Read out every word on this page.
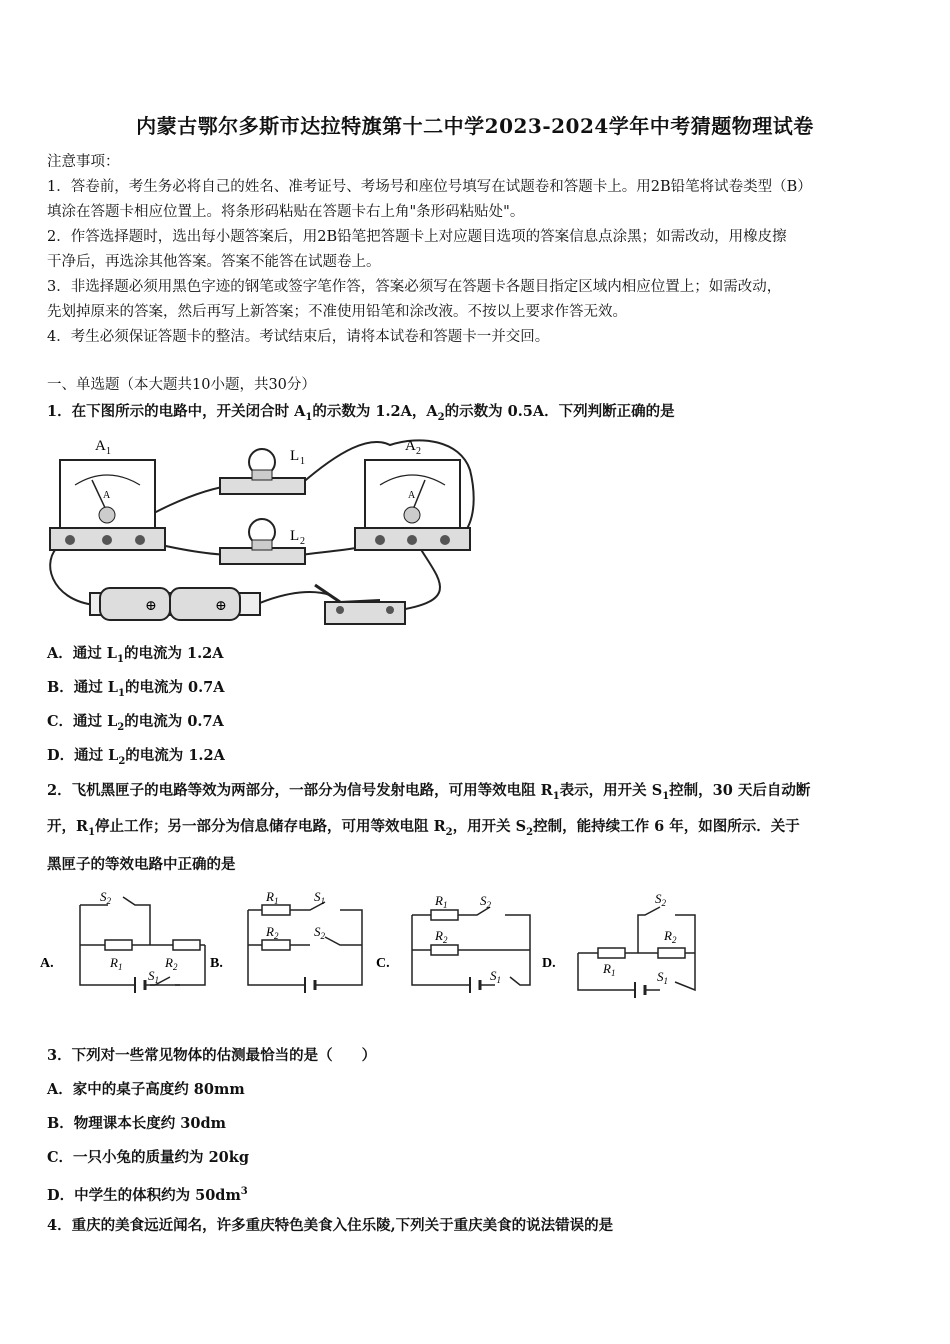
内蒙古鄂尔多斯市达拉特旗第十二中学2023-2024学年中考猜题物理试卷
注意事项：
1．答卷前，考生务必将自己的姓名、准考证号、考场号和座位号填写在试题卷和答题卡上。用2B铅笔将试卷类型（B）
填涂在答题卡相应位置上。将条形码粘贴在答题卡右上角"条形码粘贴处"。
2．作答选择题时，选出每小题答案后，用2B铅笔把答题卡上对应题目选项的答案信息点涂黑；如需改动，用橡皮擦
干净后，再选涂其他答案。答案不能答在试题卷上。
3．非选择题必须用黑色字迹的钢笔或签字笔作答，答案必须写在答题卡各题目指定区域内相应位置上；如需改动，
先划掉原来的答案，然后再写上新答案；不准使用铅笔和涂改液。不按以上要求作答无效。
4．考生必须保证答题卡的整洁。考试结束后，请将本试卷和答题卡一并交回。
一、单选题（本大题共10小题，共30分）
1．在下图所示的电路中，开关闭合时 $A_1$的示数为 1.2A，$A_2$的示数为 0.5A．下列判断正确的是
A 1
A
A 2
A
L 1
L 2
⊕	⊕
A．通过 $L_1$的电流为 1.2A
B．通过 $L_1$的电流为 0.7A
C．通过 $L_2$的电流为 0.7A
D．通过 $L_2$的电流为 1.2A
2．飞机黑匣子的电路等效为两部分，一部分为信号发射电路，可用等效电阻 $R_1$表示，用开关 $S_1$控制，30 天后自动断
开，$R_1$停止工作；另一部分为信息储存电路，可用等效电阻 $R_2$，用开关 $S_2$控制，能持续工作 6 年，如图所示．关于
黑匣子的等效电路中正确的是
A.
$S_2$
$R_1$	$R_2$
$S_1$
B.
$R_1$	$S_1$
$R_2$	$S_2$
C.
$R_1$	$S_2$
$R_2$
$S_1$
D.
$S_2$
$R_2$
$R_1$	$S_1$
3．下列对一些常见物体的估测最恰当的是（　　）
A．家中的桌子高度约 80mm
B．物理课本长度约 30dm
C．一只小兔的质量约为 20kg
D．中学生的体积约为 $50dm^3$
4．重庆的美食远近闻名，许多重庆特色美食入住乐陵,下列关于重庆美食的说法错误的是
